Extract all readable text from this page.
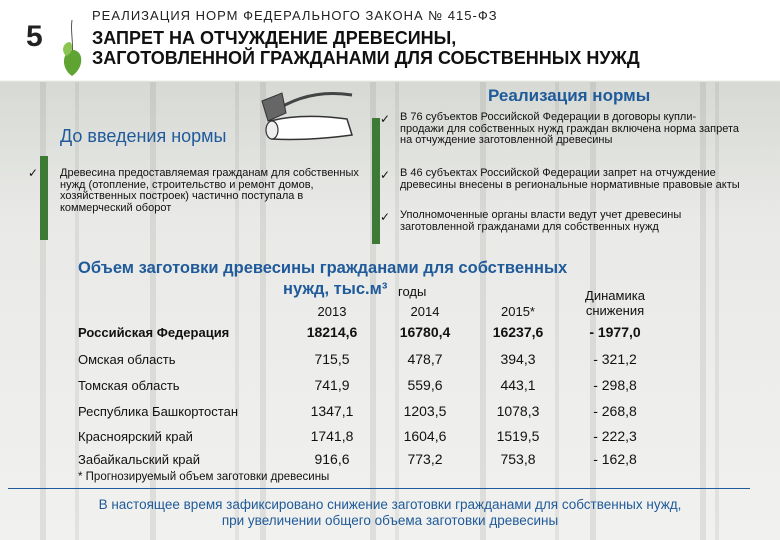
5
РЕАЛИЗАЦИЯ НОРМ ФЕДЕРАЛЬНОГО ЗАКОНА № 415-ФЗ
ЗАПРЕТ НА ОТЧУЖДЕНИЕ ДРЕВЕСИНЫ,
ЗАГОТОВЛЕННОЙ ГРАЖДАНАМИ ДЛЯ СОБСТВЕННЫХ НУЖД
Реализация нормы
До введения нормы
✓ Древесина предоставляемая гражданам для собственных нужд (отопление, строительство и ремонт домов, хозяйственных построек) частично поступала в коммерческий оборот
✓ В 76 субъектов Российской Федерации в договоры купли-продажи для собственных нужд граждан включена норма запрета на отчуждение заготовленной древесины
✓ В 46 субъектах Российской Федерации запрет на отчуждение древесины внесены в региональные нормативные правовые акты
✓ Уполномоченные органы власти ведут учет древесины заготовленной гражданами для собственных нужд
Объем заготовки древесины гражданами для собственных
нужд, тыс.м³ годы
2013	2014	2015*
Динамика снижения
Российская Федерация	18214,6	16780,4	16237,6	- 1977,0
Омская область	715,5	478,7	394,3	- 321,2
Томская область	741,9	559,6	443,1	- 298,8
Республика Башкортостан	1347,1	1203,5	1078,3	- 268,8
Красноярский край	1741,8	1604,6	1519,5	- 222,3
Забайкальский край	916,6	773,2	753,8	- 162,8
* Прогнозируемый объем заготовки древесины
В настоящее время зафиксировано снижение заготовки гражданами для собственных нужд,
при увеличении общего объема заготовки древесины
